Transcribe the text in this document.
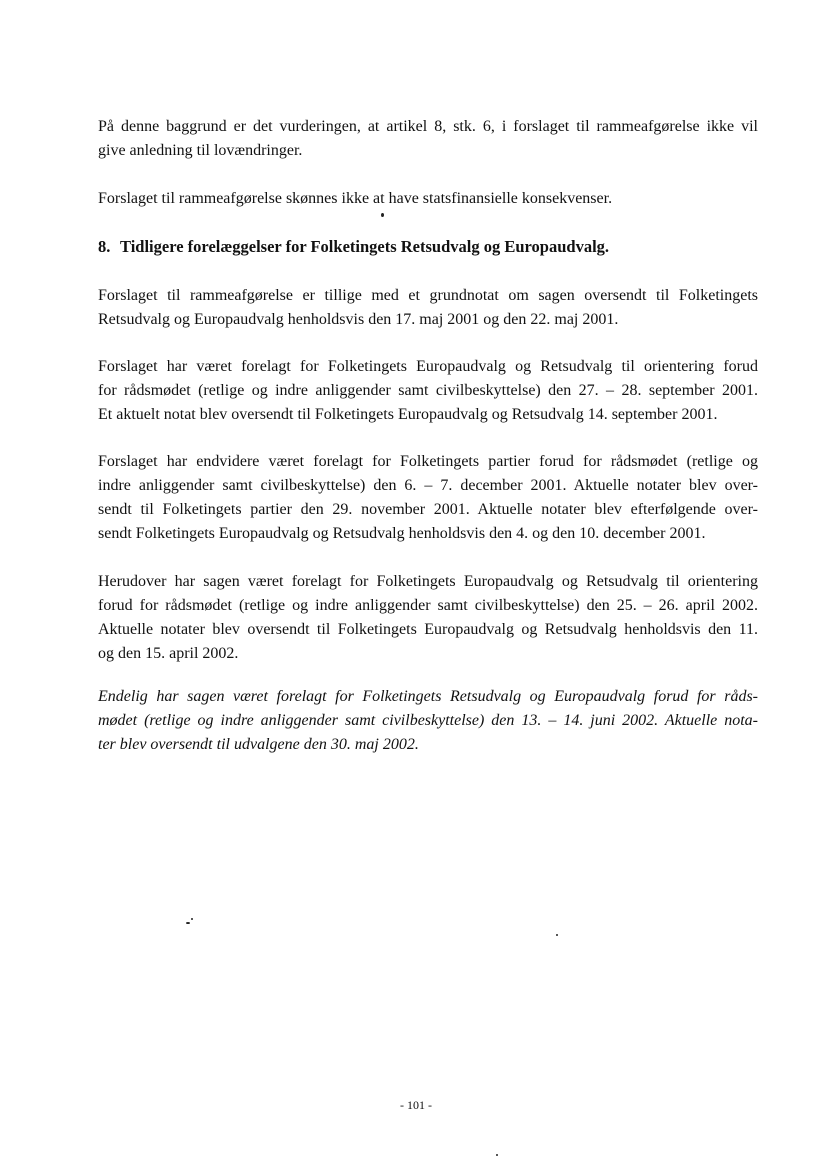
På denne baggrund er det vurderingen, at artikel 8, stk. 6, i forslaget til rammeafgørelse ikke vil
give anledning til lovændringer.
Forslaget til rammeafgørelse skønnes ikke at have statsfinansielle konsekvenser.
8. Tidligere forelæggelser for Folketingets Retsudvalg og Europaudvalg.
Forslaget til rammeafgørelse er tillige med et grundnotat om sagen oversendt til Folketingets
Retsudvalg og Europaudvalg henholdsvis den 17. maj 2001 og den 22. maj 2001.
Forslaget har været forelagt for Folketingets Europaudvalg og Retsudvalg til orientering forud
for rådsmødet (retlige og indre anliggender samt civilbeskyttelse) den 27. – 28. september 2001.
Et aktuelt notat blev oversendt til Folketingets Europaudvalg og Retsudvalg 14. september 2001.
Forslaget har endvidere været forelagt for Folketingets partier forud for rådsmødet (retlige og
indre anliggender samt civilbeskyttelse) den 6. – 7. december 2001. Aktuelle notater blev over-
sendt til Folketingets partier den 29. november 2001. Aktuelle notater blev efterfølgende over-
sendt Folketingets Europaudvalg og Retsudvalg henholdsvis den 4. og den 10. december 2001.
Herudover har sagen været forelagt for Folketingets Europaudvalg og Retsudvalg til orientering
forud for rådsmødet (retlige og indre anliggender samt civilbeskyttelse) den 25. – 26. april 2002.
Aktuelle notater blev oversendt til Folketingets Europaudvalg og Retsudvalg henholdsvis den 11.
og den 15. april 2002.
Endelig har sagen været forelagt for Folketingets Retsudvalg og Europaudvalg forud for råds-
mødet (retlige og indre anliggender samt civilbeskyttelse) den 13. – 14. juni 2002. Aktuelle nota-
ter blev oversendt til udvalgene den 30. maj 2002.
- 101 -
